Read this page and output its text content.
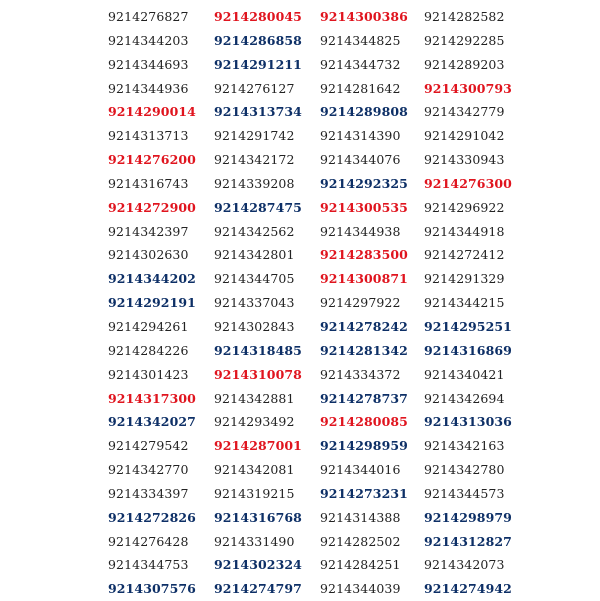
9214276827	9214280045	9214300386	9214282582
9214344203	9214286858	9214344825	9214292285
9214344693	9214291211	9214344732	9214289203
9214344936	9214276127	9214281642	9214300793
9214290014	9214313734	9214289808	9214342779
9214313713	9214291742	9214314390	9214291042
9214276200	9214342172	9214344076	9214330943
9214316743	9214339208	9214292325	9214276300
9214272900	9214287475	9214300535	9214296922
9214342397	9214342562	9214344938	9214344918
9214302630	9214342801	9214283500	9214272412
9214344202	9214344705	9214300871	9214291329
9214292191	9214337043	9214297922	9214344215
9214294261	9214302843	9214278242	9214295251
9214284226	9214318485	9214281342	9214316869
9214301423	9214310078	9214334372	9214340421
9214317300	9214342881	9214278737	9214342694
9214342027	9214293492	9214280085	9214313036
9214279542	9214287001	9214298959	9214342163
9214342770	9214342081	9214344016	9214342780
9214334397	9214319215	9214273231	9214344573
9214272826	9214316768	9214314388	9214298979
9214276428	9214331490	9214282502	9214312827
9214344753	9214302324	9214284251	9214342073
9214307576	9214274797	9214344039	9214274942
